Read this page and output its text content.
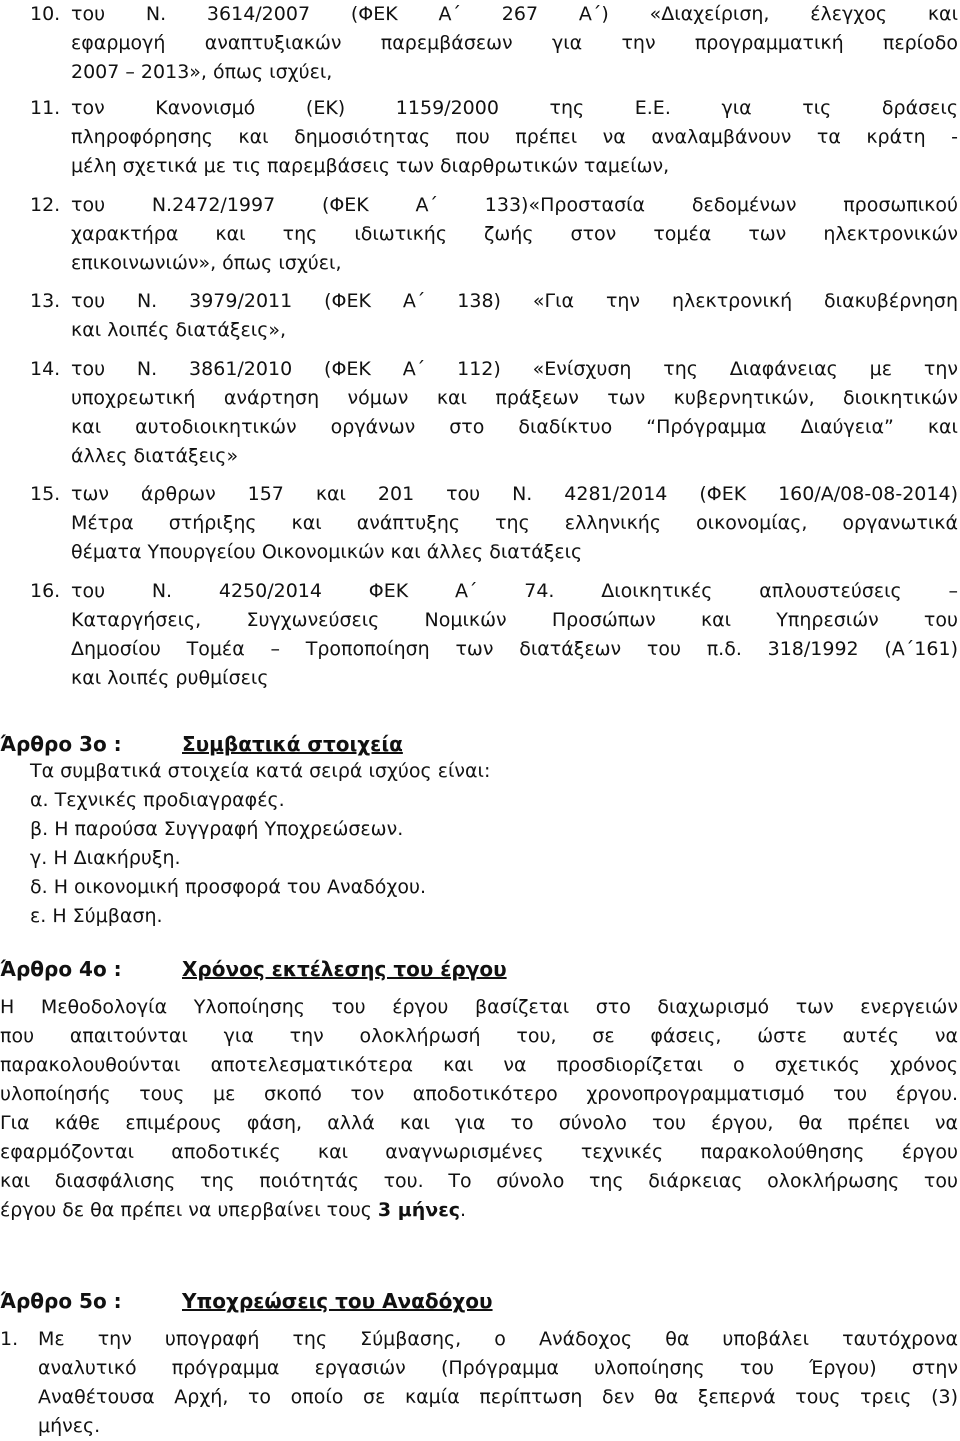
10. του Ν. 3614/2007 (ΦΕΚ Α΄ 267 Α΄) «Διαχείριση, έλεγχος και
εφαρμογή αναπτυξιακών παρεμβάσεων για την προγραμματική περίοδο
2007 – 2013», όπως ισχύει,
11. τον Κανονισμό (ΕΚ) 1159/2000 της Ε.Ε. για τις δράσεις
πληροφόρησης και δημοσιότητας που πρέπει να αναλαμβάνουν τα κράτη -
μέλη σχετικά με τις παρεμβάσεις των διαρθρωτικών ταμείων,
12. του Ν.2472/1997 (ΦΕΚ Α΄ 133)«Προστασία δεδομένων προσωπικού
χαρακτήρα και της ιδιωτικής ζωής στον τομέα των ηλεκτρονικών
επικοινωνιών», όπως ισχύει,
13. του Ν. 3979/2011 (ΦΕΚ Α΄ 138) «Για την ηλεκτρονική διακυβέρνηση
και λοιπές διατάξεις»,
14. του Ν. 3861/2010 (ΦΕΚ Α΄ 112) «Ενίσχυση της Διαφάνειας με την
υποχρεωτική ανάρτηση νόμων και πράξεων των κυβερνητικών, διοικητικών
και αυτοδιοικητικών οργάνων στο διαδίκτυο “Πρόγραμμα Διαύγεια” και
άλλες διατάξεις»
15. των άρθρων 157 και 201 του Ν. 4281/2014 (ΦΕΚ 160/Α/08-08-2014)
Μέτρα στήριξης και ανάπτυξης της ελληνικής οικονομίας, οργανωτικά
θέματα Υπουργείου Οικονομικών και άλλες διατάξεις
16. του Ν. 4250/2014 ΦΕΚ Α΄ 74. Διοικητικές απλουστεύσεις –
Καταργήσεις, Συγχωνεύσεις Νομικών Προσώπων και Υπηρεσιών του
Δημοσίου Τομέα – Τροποποίηση των διατάξεων του π.δ. 318/1992 (Α΄161)
και λοιπές ρυθμίσεις
Άρθρο 3ο :	Συμβατικά στοιχεία
Τα συμβατικά στοιχεία κατά σειρά ισχύος είναι:
α. Τεχνικές προδιαγραφές.
β. Η παρούσα Συγγραφή Υποχρεώσεων.
γ. Η Διακήρυξη.
δ. Η οικονομική προσφορά του Αναδόχου.
ε. Η Σύμβαση.
Άρθρο 4ο :	Χρόνος εκτέλεσης του έργου
Η Μεθοδολογία Υλοποίησης του έργου βασίζεται στο διαχωρισμό των ενεργειών
που απαιτούνται για την ολοκλήρωσή του, σε φάσεις, ώστε αυτές να
παρακολουθούνται αποτελεσματικότερα και να προσδιορίζεται ο σχετικός χρόνος
υλοποίησής τους με σκοπό τον αποδοτικότερο χρονοπρογραμματισμό του έργου.
Για κάθε επιμέρους φάση, αλλά και για το σύνολο του έργου, θα πρέπει να
εφαρμόζονται αποδοτικές και αναγνωρισμένες τεχνικές παρακολούθησης έργου
και διασφάλισης της ποιότητάς του. Το σύνολο της διάρκειας ολοκλήρωσης του
έργου δε θα πρέπει να υπερβαίνει τους 3 μήνες.
Άρθρο 5ο :	Υποχρεώσεις του Αναδόχου
1. Με την υπογραφή της Σύμβασης, ο Ανάδοχος θα υποβάλει ταυτόχρονα
αναλυτικό πρόγραμμα εργασιών (Πρόγραμμα υλοποίησης του Έργου) στην
Αναθέτουσα Αρχή, το οποίο σε καμία περίπτωση δεν θα ξεπερνά τους τρεις (3)
μήνες.
